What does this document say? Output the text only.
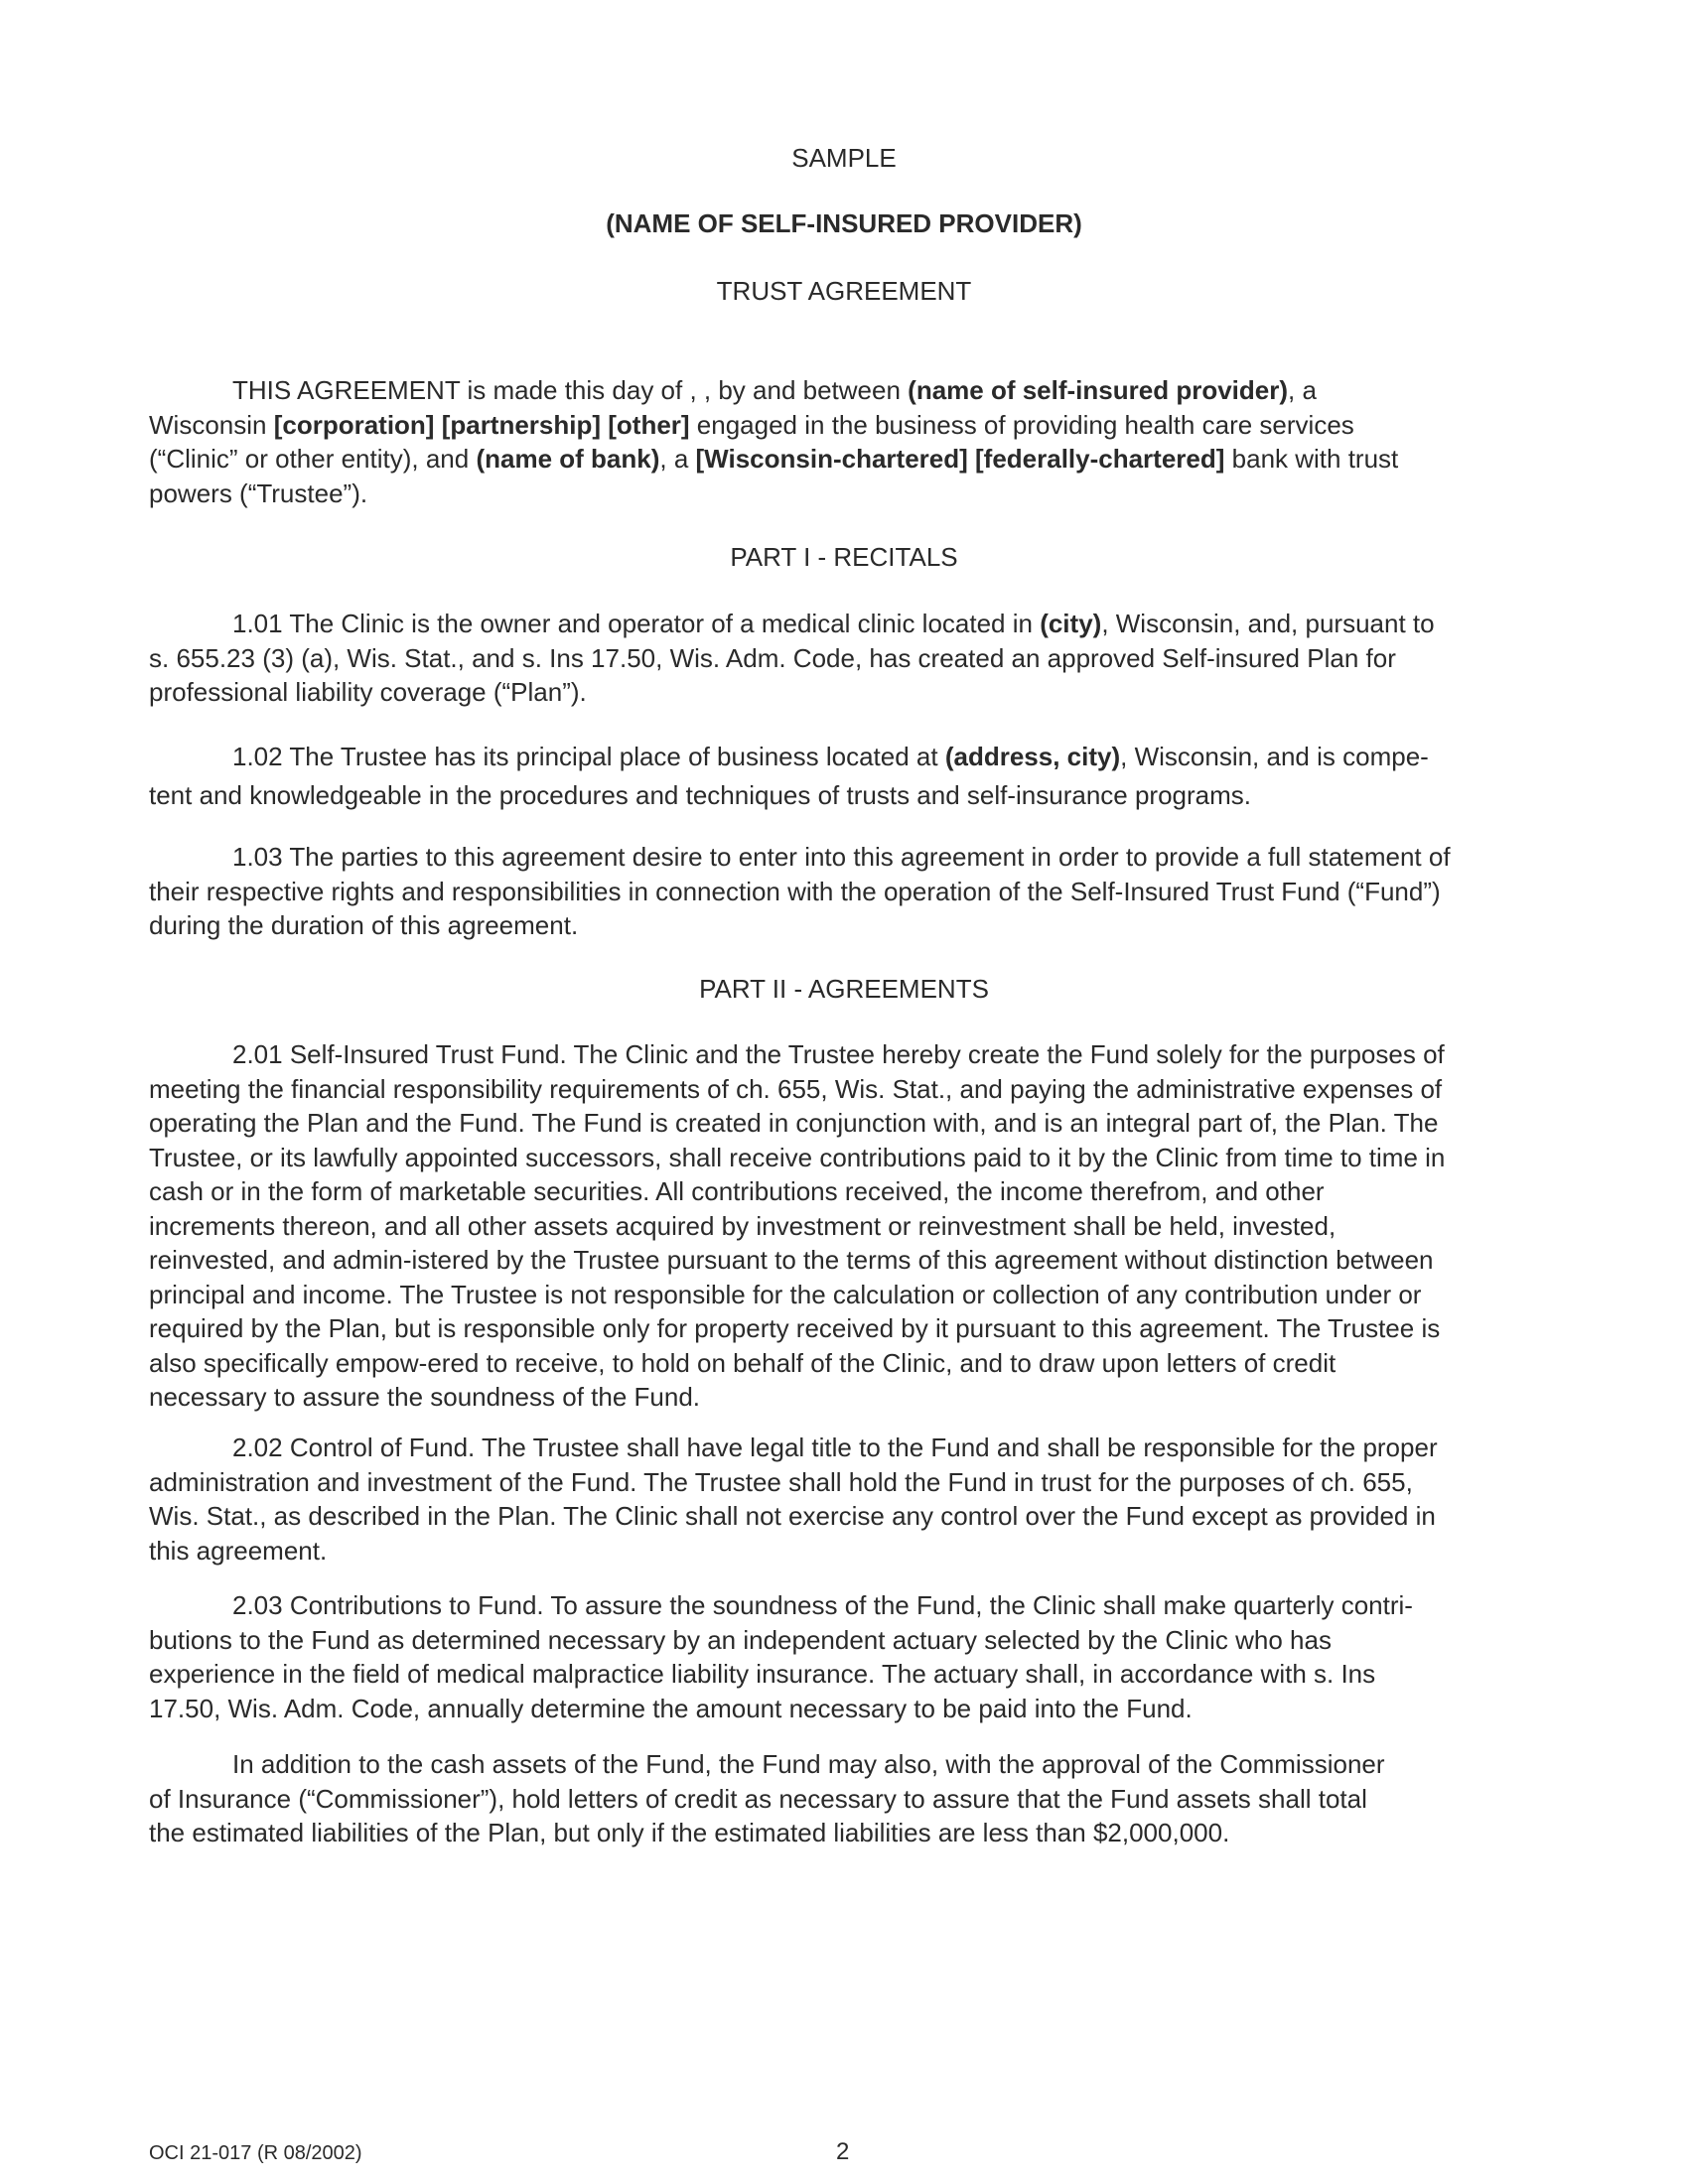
SAMPLE
(NAME OF SELF-INSURED PROVIDER)
TRUST AGREEMENT
THIS AGREEMENT is made this day of , , by and between (name of self-insured provider), a
Wisconsin [corporation] [partnership] [other] engaged in the business of providing health care services
(“Clinic” or other entity), and (name of bank), a [Wisconsin-chartered] [federally-chartered] bank with trust
powers (“Trustee”).
PART I - RECITALS
1.01 The Clinic is the owner and operator of a medical clinic located in (city), Wisconsin, and, pursuant to
s. 655.23 (3) (a), Wis. Stat., and s. Ins 17.50, Wis. Adm. Code, has created an approved Self-insured Plan for
professional liability coverage (“Plan”).
1.02 The Trustee has its principal place of business located at (address, city), Wisconsin, and is compe-
tent and knowledgeable in the procedures and techniques of trusts and self-insurance programs.
1.03 The parties to this agreement desire to enter into this agreement in order to provide a full statement of
their respective rights and responsibilities in connection with the operation of the Self-Insured Trust Fund (“Fund”)
during the duration of this agreement.
PART II - AGREEMENTS
2.01 Self-Insured Trust Fund. The Clinic and the Trustee hereby create the Fund solely for the purposes of
meeting the financial responsibility requirements of ch. 655, Wis. Stat., and paying the administrative expenses of
operating the Plan and the Fund. The Fund is created in conjunction with, and is an integral part of, the Plan. The
Trustee, or its lawfully appointed successors, shall receive contributions paid to it by the Clinic from time to time in
cash or in the form of marketable securities. All contributions received, the income therefrom, and other
increments thereon, and all other assets acquired by investment or reinvestment shall be held, invested,
reinvested, and admin-istered by the Trustee pursuant to the terms of this agreement without distinction between
principal and income. The Trustee is not responsible for the calculation or collection of any contribution under or
required by the Plan, but is responsible only for property received by it pursuant to this agreement. The Trustee is
also specifically empow-ered to receive, to hold on behalf of the Clinic, and to draw upon letters of credit
necessary to assure the soundness of the Fund.
2.02 Control of Fund. The Trustee shall have legal title to the Fund and shall be responsible for the proper
administration and investment of the Fund. The Trustee shall hold the Fund in trust for the purposes of ch. 655,
Wis. Stat., as described in the Plan. The Clinic shall not exercise any control over the Fund except as provided in
this agreement.
2.03 Contributions to Fund. To assure the soundness of the Fund, the Clinic shall make quarterly contri-
butions to the Fund as determined necessary by an independent actuary selected by the Clinic who has
experience in the field of medical malpractice liability insurance. The actuary shall, in accordance with s. Ins
17.50, Wis. Adm. Code, annually determine the amount necessary to be paid into the Fund.
In addition to the cash assets of the Fund, the Fund may also, with the approval of the Commissioner
of Insurance (“Commissioner”), hold letters of credit as necessary to assure that the Fund assets shall total
the estimated liabilities of the Plan, but only if the estimated liabilities are less than $2,000,000.
OCI 21-017 (R 08/2002)	2
